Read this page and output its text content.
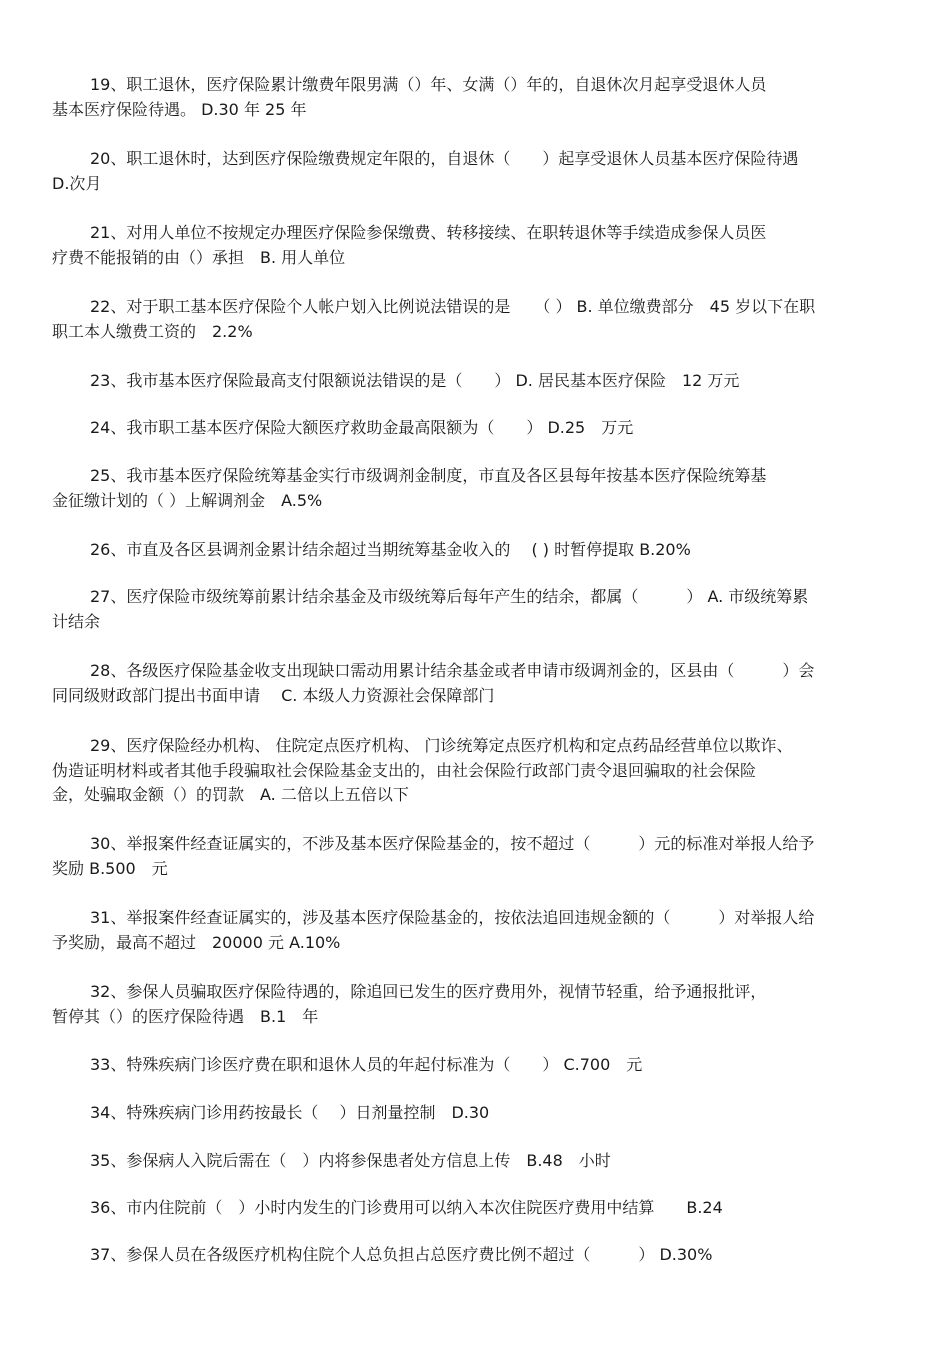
19、职工退休，医疗保险累计缴费年限男满（）年、女满（）年的，自退休次月起享受退休人员
基本医疗保险待遇。 D.30 年 25 年
20、职工退休时，达到医疗保险缴费规定年限的，自退休（　　）起享受退休人员基本医疗保险待遇
D.次月
21、对用人单位不按规定办理医疗保险参保缴费、转移接续、在职转退休等手续造成参保人员医
疗费不能报销的由（）承担　B. 用人单位
22、对于职工基本医疗保险个人帐户划入比例说法错误的是　　（ ） B. 单位缴费部分　45 岁以下在职
职工本人缴费工资的　2.2%
23、我市基本医疗保险最高支付限额说法错误的是（　　） D. 居民基本医疗保险　12 万元
24、我市职工基本医疗保险大额医疗救助金最高限额为（　　） D.25　万元
25、我市基本医疗保险统筹基金实行市级调剂金制度，市直及各区县每年按基本医疗保险统筹基
金征缴计划的（ ）上解调剂金　A.5%
26、市直及各区县调剂金累计结余超过当期统筹基金收入的　 ( ) 时暂停提取 B.20%
27、医疗保险市级统筹前累计结余基金及市级统筹后每年产生的结余，都属（　　　） A. 市级统筹累
计结余
28、各级医疗保险基金收支出现缺口需动用累计结余基金或者申请市级调剂金的，区县由（　　　）会
同同级财政部门提出书面申请　 C. 本级人力资源社会保障部门
29、医疗保险经办机构、 住院定点医疗机构、 门诊统筹定点医疗机构和定点药品经营单位以欺诈、
伪造证明材料或者其他手段骗取社会保险基金支出的，由社会保险行政部门责令退回骗取的社会保险
金，处骗取金额（）的罚款　A. 二倍以上五倍以下
30、举报案件经查证属实的，不涉及基本医疗保险基金的，按不超过（　　　）元的标准对举报人给予
奖励 B.500　元
31、举报案件经查证属实的，涉及基本医疗保险基金的，按依法追回违规金额的（　　　）对举报人给
予奖励，最高不超过　20000 元 A.10%
32、参保人员骗取医疗保险待遇的，除追回已发生的医疗费用外，视情节轻重，给予通报批评，
暂停其（）的医疗保险待遇　B.1　年
33、特殊疾病门诊医疗费在职和退休人员的年起付标准为（　　） C.700　元
34、特殊疾病门诊用药按最长（　 ）日剂量控制　D.30
35、参保病人入院后需在（　）内将参保患者处方信息上传　B.48　小时
36、市内住院前（　）小时内发生的门诊费用可以纳入本次住院医疗费用中结算　　B.24
37、参保人员在各级医疗机构住院个人总负担占总医疗费比例不超过（　　　） D.30%
